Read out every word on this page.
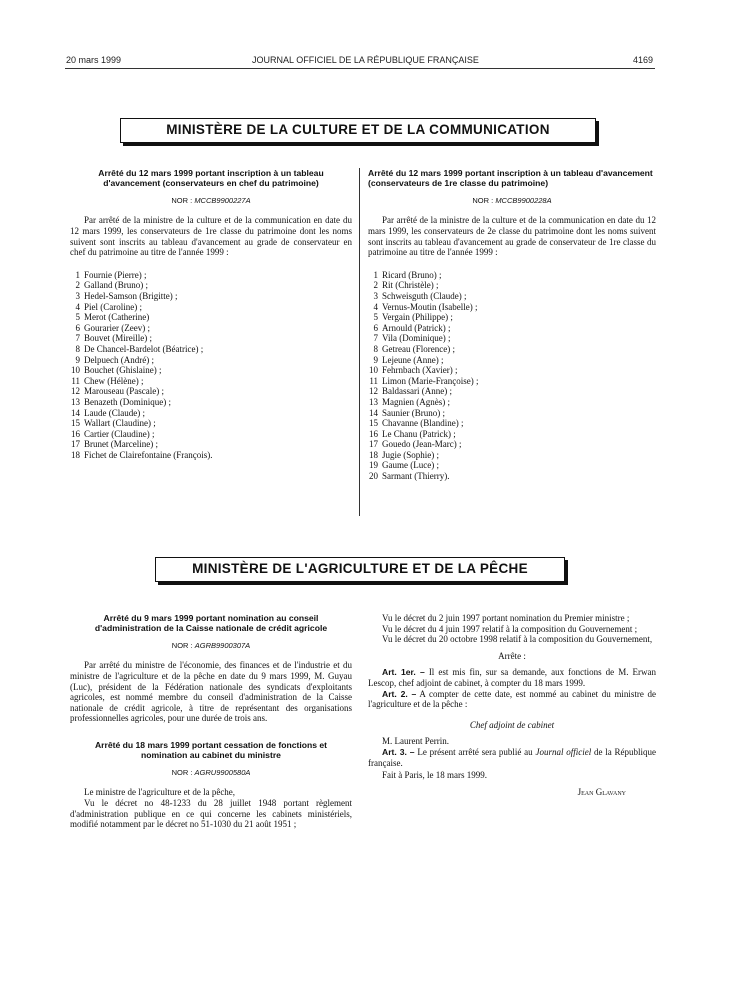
20 mars 1999	JOURNAL OFFICIEL DE LA RÉPUBLIQUE FRANÇAISE	4169
MINISTÈRE DE LA CULTURE ET DE LA COMMUNICATION

Arrêté du 12 mars 1999 portant inscription à un tableau d'avancement (conservateurs en chef du patrimoine)

NOR : MCCB9900227A

Par arrêté de la ministre de la culture et de la communication en date du 12 mars 1999, les conservateurs de 1re classe du patrimoine dont les noms suivent sont inscrits au tableau d'avancement au grade de conservateur en chef du patrimoine au titre de l'année 1999 :

1 Fournie (Pierre) ;
2 Galland (Bruno) ;
3 Hedel-Samson (Brigitte) ;
4 Piel (Caroline) ;
5 Merot (Catherine)
6 Gourarier (Zeev) ;
7 Bouvet (Mireille) ;
8 De Chancel-Bardelot (Béatrice) ;
9 Delpuech (André) ;
10 Bouchet (Ghislaine) ;
11 Chew (Hélène) ;
12 Marouseau (Pascale) ;
13 Benazeth (Dominique) ;
14 Laude (Claude) ;
15 Wallart (Claudine) ;
16 Cartier (Claudine) ;
17 Brunet (Marceline) ;
18 Fichet de Clairefontaine (François).

Arrêté du 12 mars 1999 portant inscription à un tableau d'avancement (conservateurs de 1re classe du patrimoine)

NOR : MCCB9900228A

Par arrêté de la ministre de la culture et de la communication en date du 12 mars 1999, les conservateurs de 2e classe du patrimoine dont les noms suivent sont inscrits au tableau d'avancement au grade de conservateur de 1re classe du patrimoine au titre de l'année 1999 :

1 Ricard (Bruno) ;
2 Rit (Christèle) ;
3 Schweisguth (Claude) ;
4 Vernus-Moutin (Isabelle) ;
5 Vergain (Philippe) ;
6 Arnould (Patrick) ;
7 Vila (Dominique) ;
8 Getreau (Florence) ;
9 Lejeune (Anne) ;
10 Fehrnbach (Xavier) ;
11 Limon (Marie-Françoise) ;
12 Baldassari (Anne) ;
13 Magnien (Agnès) ;
14 Saunier (Bruno) ;
15 Chavanne (Blandine) ;
16 Le Chanu (Patrick) ;
17 Gouedo (Jean-Marc) ;
18 Jugie (Sophie) ;
19 Gaume (Luce) ;
20 Sarmant (Thierry).
MINISTÈRE DE L'AGRICULTURE ET DE LA PÊCHE

Arrêté du 9 mars 1999 portant nomination au conseil d'administration de la Caisse nationale de crédit agricole

NOR : AGRB9900307A

Par arrêté du ministre de l'économie, des finances et de l'industrie et du ministre de l'agriculture et de la pêche en date du 9 mars 1999, M. Guyau (Luc), président de la Fédération nationale des syndicats d'exploitants agricoles, est nommé membre du conseil d'administration de la Caisse nationale de crédit agricole, à titre de représentant des organisations professionnelles agricoles, pour une durée de trois ans.

Arrêté du 18 mars 1999 portant cessation de fonctions et nomination au cabinet du ministre

NOR : AGRU9900580A

Le ministre de l'agriculture et de la pêche,

Vu le décret no 48-1233 du 28 juillet 1948 portant règlement d'administration publique en ce qui concerne les cabinets ministériels, modifié notamment par le décret no 51-1030 du 21 août 1951 ;

Vu le décret du 2 juin 1997 portant nomination du Premier ministre ;

Vu le décret du 4 juin 1997 relatif à la composition du Gouvernement ;

Vu le décret du 20 octobre 1998 relatif à la composition du Gouvernement,

Arrête :

Art. 1er. – Il est mis fin, sur sa demande, aux fonctions de M. Erwan Lescop, chef adjoint de cabinet, à compter du 18 mars 1999.

Art. 2. – A compter de cette date, est nommé au cabinet du ministre de l'agriculture et de la pêche :

Chef adjoint de cabinet

M. Laurent Perrin.

Art. 3. – Le présent arrêté sera publié au Journal officiel de la République française.

Fait à Paris, le 18 mars 1999.

Jean Glavany
